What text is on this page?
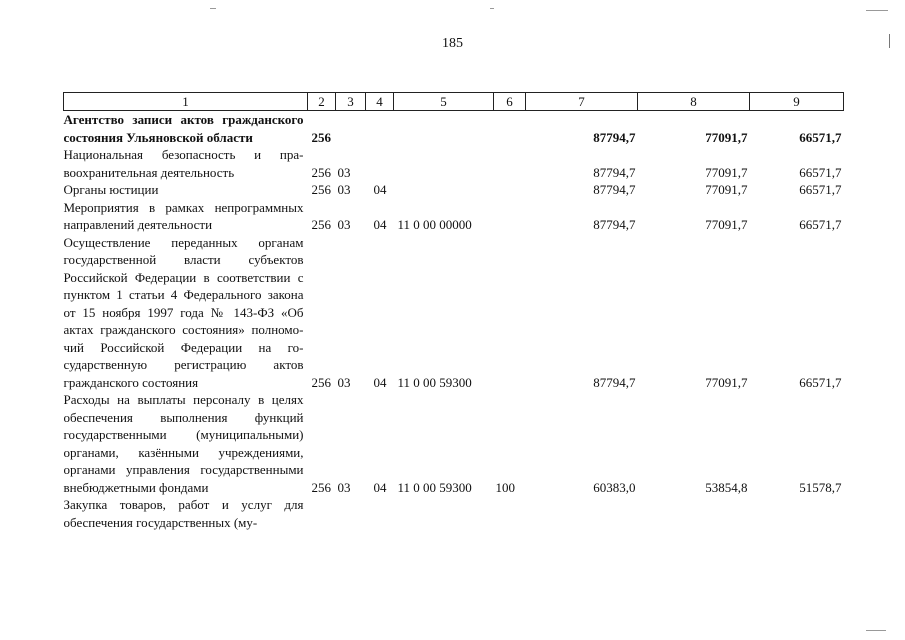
185
1	2	3	4	5	6	7	8	9
Агентство записи актов гражданского состояния Ульяновской области	256					87794,7	77091,7	66571,7
Национальная безопасность и правоохранительная деятельность	256	03				87794,7	77091,7	66571,7
Органы юстиции	256	03	04			87794,7	77091,7	66571,7
Мероприятия в рамках непрограммных направлений деятельности	256	03	04	11 0 00 00000		87794,7	77091,7	66571,7
Осуществление переданных органам государственной власти субъектов Российской Федерации в соответствии с пунктом 1 статьи 4 Федерального закона от 15 ноября 1997 года № 143-ФЗ «Об актах гражданского состояния» полномочий Российской Федерации на государственную регистрацию актов гражданского состояния	256	03	04	11 0 00 59300		87794,7	77091,7	66571,7
Расходы на выплаты персоналу в целях обеспечения выполнения функций государственными (муниципальными) органами, казёнными учреждениями, органами управления государственными внебюджетными фондами	256	03	04	11 0 00 59300	100	60383,0	53854,8	51578,7
Закупка товаров, работ и услуг для обеспечения государственных (му-								
